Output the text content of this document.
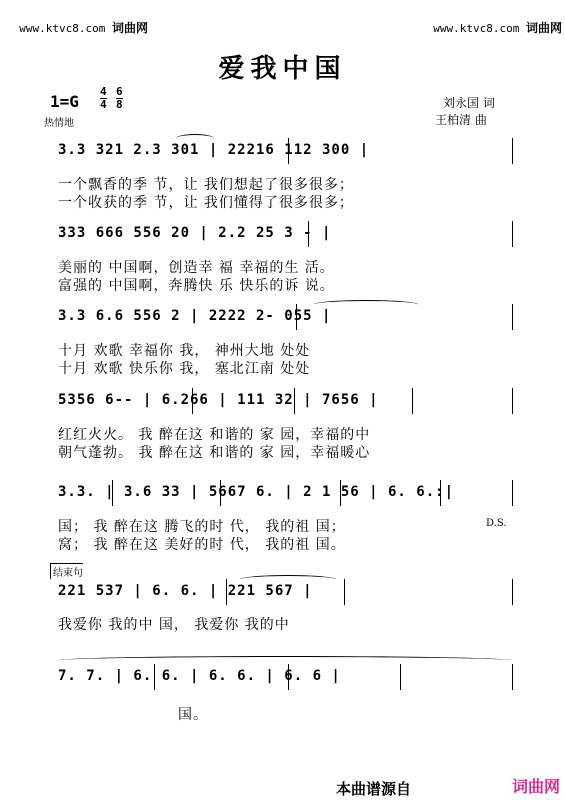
www.ktvc8.com 词曲网	www.ktvc8.com 词曲网

爱我中国
1=G
4
4
6
8
热情地
刘永国 词
王柏清 曲
3.3 321 2.3 301 | 22216 112 300 |
一个飘香的季 节，让 我们想起了很多很多；
一个收获的季 节，让 我们懂得了很多很多；
333 666 556 20 | 2.2 25 3 - |
美丽的 中国啊，创造幸 福 幸福的生 活。
富强的 中国啊，奔腾快 乐 快乐的诉 说。
3.3 6.6 556 2 | 2222 2- 055 |
十月 欢歌 幸福你 我， 神州大地 处处
十月 欢歌 快乐你 我， 塞北江南 处处
5356 6-- | 6.266 | 111 32 | 7656 |
红红火火。 我 醉在这 和谐的 家 园，幸福的中
朝气蓬勃。 我 醉在这 和谐的 家 园，幸福暖心
3.3. | 3.6 33 | 5667 6. | 2 1 56 | 6. 6.:|
国； 我 醉在这 腾飞的时 代， 我的祖 国；
窝； 我 醉在这 美好的时 代， 我的祖 国。
D.S.
结束句
221 537 | 6. 6. | 221 567 |
我爱你 我的中 国， 我爱你 我的中
7. 7. | 6. 6. | 6. 6. | 6. 6 |
国。
本曲谱源自	词曲网
